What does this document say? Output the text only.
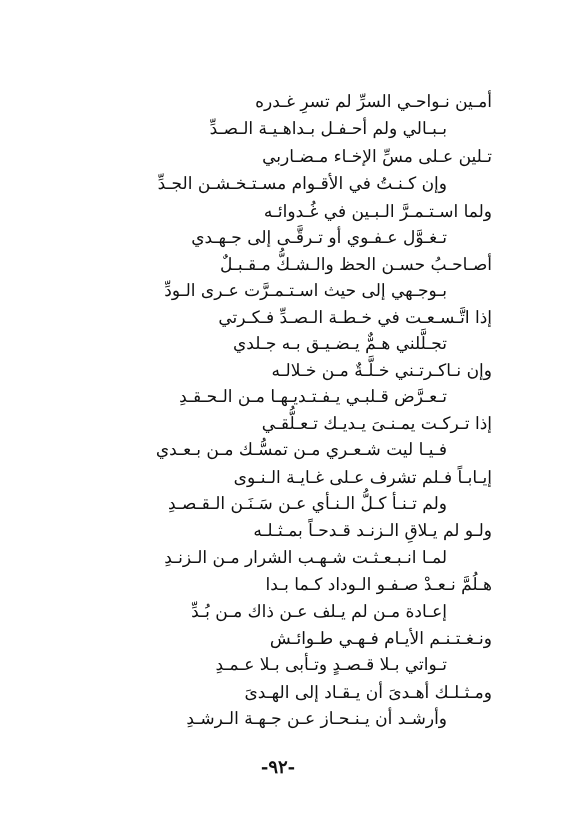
أمـين نـواحـي السرِّ لم تسرِ غـدره
بـبـالي ولم أحـفـل بـداهـيـة الـصـدِّ
تـلين عـلى مسِّ الإخـاء مـضـاربي
وإن كـنـتُ في الأقـوام مسـتـخـشـن الجـدِّ
ولما اسـتـمـرَّ الـبـين في غُـدوائـه
تـغـوَّل عـفـوي أو تـرقَّـى إلى جـهـدي
أصـاحـبُ حسـن الحظ والـشـكُّ مـقـبـلٌ
بـوجـهي إلى حيث اسـتـمـرَّت عـرى الـودِّ
إذا اتَّـسـعـت في خـطـة الـصـدِّ فـكـرتي
تجـلَّلني هـمٌّ يـضـيـق بـه جـلدي
وإن نـاكـرتـني خـلَّـةٌ مـن خـلالـه
تـعـرَّض قـلبـي يـفـتـديـهـا مـن الـحـقـدِ
إذا تـركـت يمـنـىَ يـديـك تـعـلُّقـي
فـيـا ليت شـعـري مـن تمسُّـك مـن بـعـدي
إيـابـاً فـلم تشرف عـلى غـايـة الـنـوى
ولم تـنـأ كـلُّ الـنـأي عـن سَـنَـن الـقـصـدِ
ولـو لم يـلاقِ الـزنـد قـدحـاً بمـثـلـه
لمـا انـبـعـثـت شـهـب الشرار مـن الـزنـدِ
هـلُمَّ نـعـدْ صـفـو الـوداد كـما بـدا
إعـادة مـن لم يـلف عـن ذاك مـن بُـدِّ
ونـغـتـنـم الأيـام فـهـي طـوائـش
تـواتي بـلا قـصـدٍ وتـأبى بـلا عـمـدِ
ومـثـلـك أهـدىَ أن يـقـاد إلى الهـدىَ
وأرشـد أن يـنـحـاز عـن جـهـة الـرشـدِ
-٩٢-
